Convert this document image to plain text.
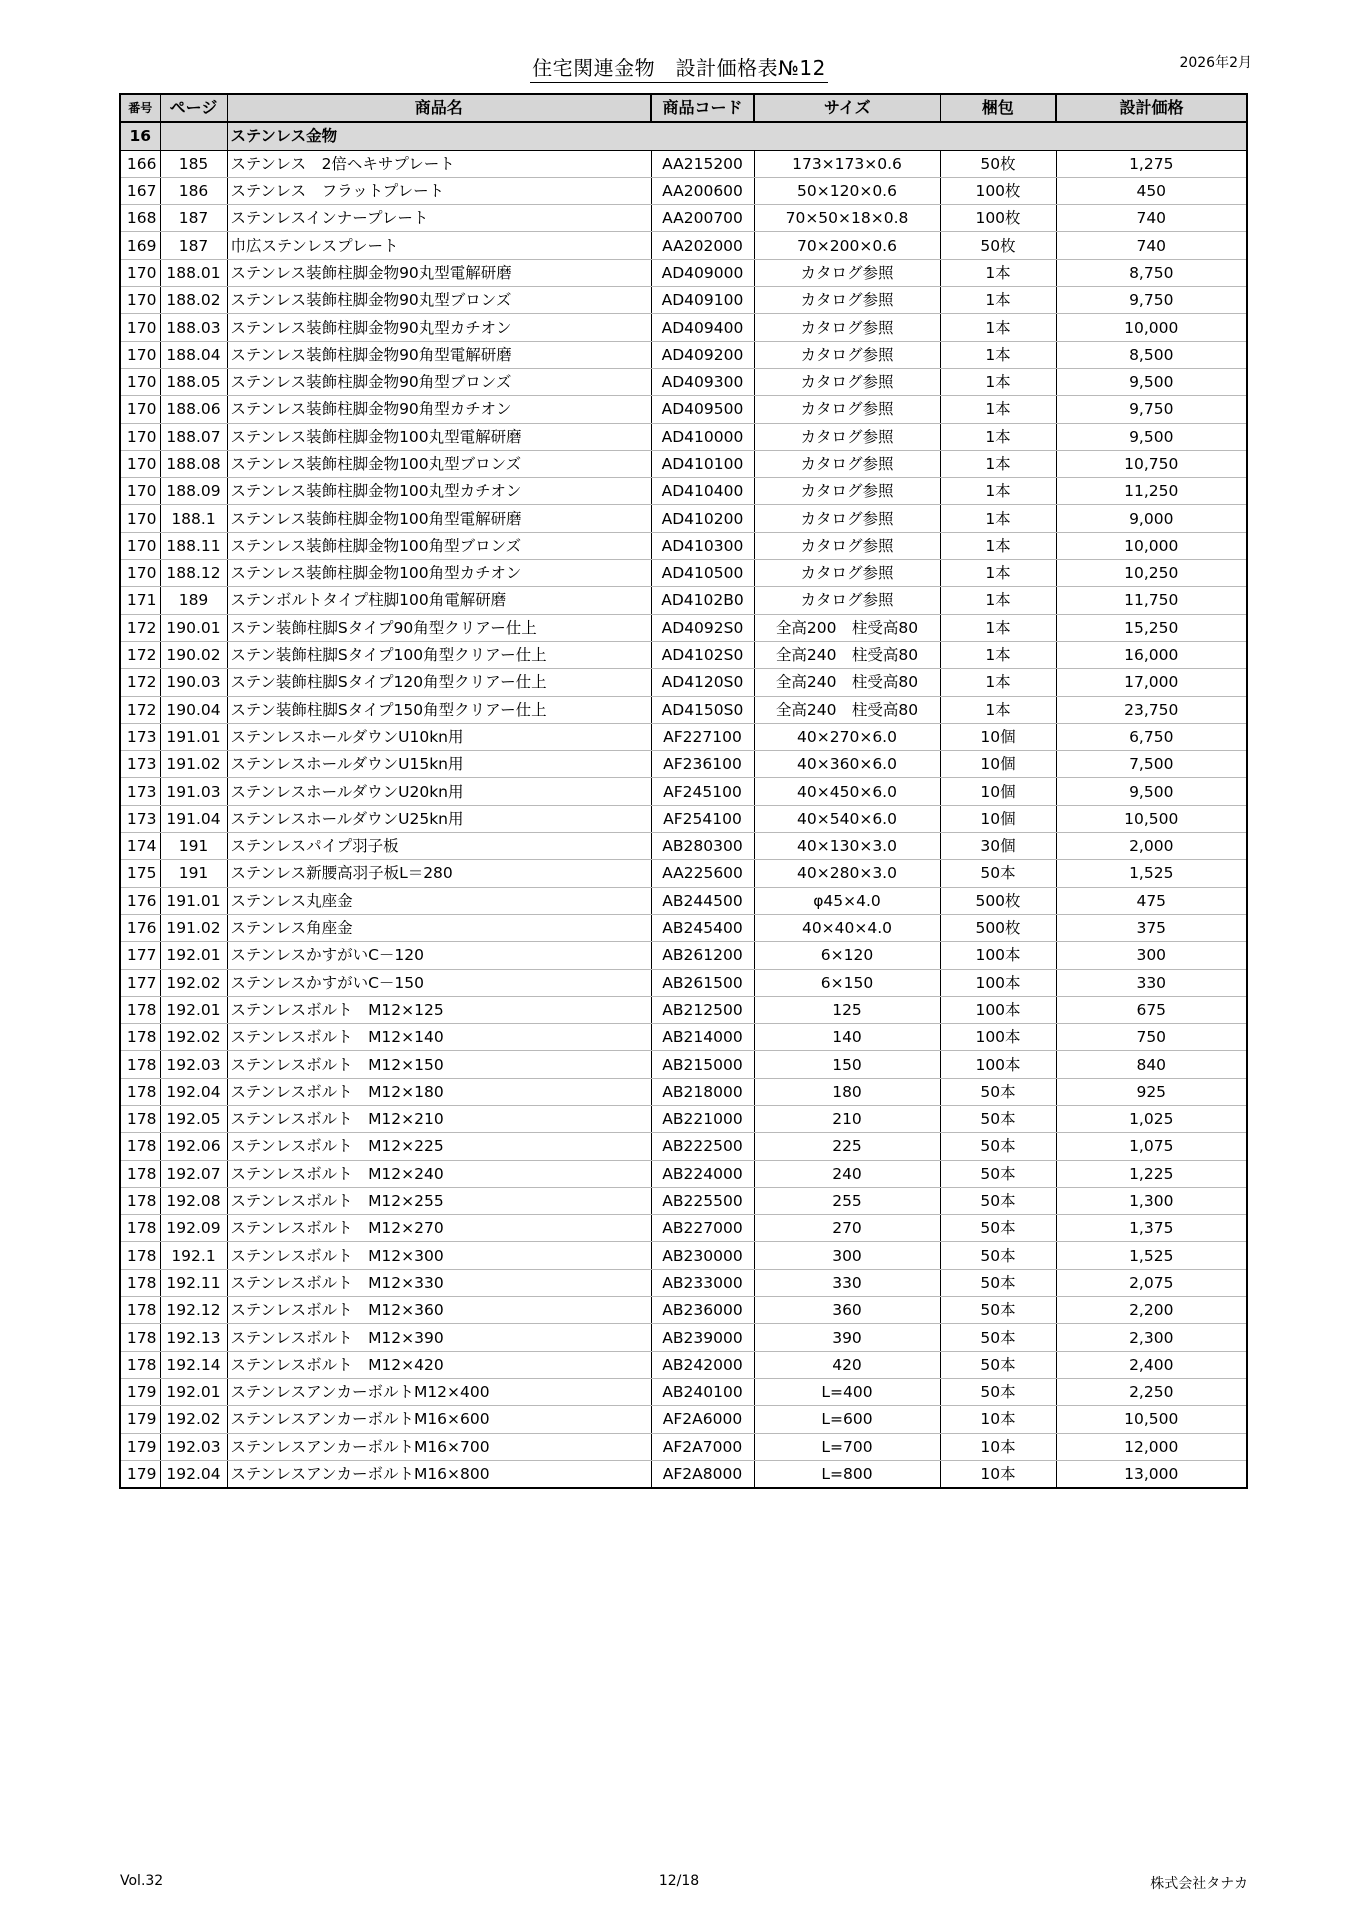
住宅関連金物　設計価格表№12	2026年2月
番号	ページ	商品名	商品コード	サイズ	梱包	設計価格
16		ステンレス金物				
166	185	ステンレス　2倍ヘキサプレート	AA215200	173×173×0.6	50枚	1,275
167	186	ステンレス　フラットプレート	AA200600	50×120×0.6	100枚	450
168	187	ステンレスインナープレート	AA200700	70×50×18×0.8	100枚	740
169	187	巾広ステンレスプレート	AA202000	70×200×0.6	50枚	740
170	188.01	ステンレス装飾柱脚金物90丸型電解研磨	AD409000	カタログ参照	1本	8,750
170	188.02	ステンレス装飾柱脚金物90丸型ブロンズ	AD409100	カタログ参照	1本	9,750
170	188.03	ステンレス装飾柱脚金物90丸型カチオン	AD409400	カタログ参照	1本	10,000
170	188.04	ステンレス装飾柱脚金物90角型電解研磨	AD409200	カタログ参照	1本	8,500
170	188.05	ステンレス装飾柱脚金物90角型ブロンズ	AD409300	カタログ参照	1本	9,500
170	188.06	ステンレス装飾柱脚金物90角型カチオン	AD409500	カタログ参照	1本	9,750
170	188.07	ステンレス装飾柱脚金物100丸型電解研磨	AD410000	カタログ参照	1本	9,500
170	188.08	ステンレス装飾柱脚金物100丸型ブロンズ	AD410100	カタログ参照	1本	10,750
170	188.09	ステンレス装飾柱脚金物100丸型カチオン	AD410400	カタログ参照	1本	11,250
170	188.1	ステンレス装飾柱脚金物100角型電解研磨	AD410200	カタログ参照	1本	9,000
170	188.11	ステンレス装飾柱脚金物100角型ブロンズ	AD410300	カタログ参照	1本	10,000
170	188.12	ステンレス装飾柱脚金物100角型カチオン	AD410500	カタログ参照	1本	10,250
171	189	ステンボルトタイプ柱脚100角電解研磨	AD4102B0	カタログ参照	1本	11,750
172	190.01	ステン装飾柱脚Sタイプ90角型クリアー仕上	AD4092S0	全高200　柱受高80	1本	15,250
172	190.02	ステン装飾柱脚Sタイプ100角型クリアー仕上	AD4102S0	全高240　柱受高80	1本	16,000
172	190.03	ステン装飾柱脚Sタイプ120角型クリアー仕上	AD4120S0	全高240　柱受高80	1本	17,000
172	190.04	ステン装飾柱脚Sタイプ150角型クリアー仕上	AD4150S0	全高240　柱受高80	1本	23,750
173	191.01	ステンレスホールダウンU10kn用	AF227100	40×270×6.0	10個	6,750
173	191.02	ステンレスホールダウンU15kn用	AF236100	40×360×6.0	10個	7,500
173	191.03	ステンレスホールダウンU20kn用	AF245100	40×450×6.0	10個	9,500
173	191.04	ステンレスホールダウンU25kn用	AF254100	40×540×6.0	10個	10,500
174	191	ステンレスパイプ羽子板	AB280300	40×130×3.0	30個	2,000
175	191	ステンレス新腰高羽子板L＝280	AA225600	40×280×3.0	50本	1,525
176	191.01	ステンレス丸座金	AB244500	φ45×4.0	500枚	475
176	191.02	ステンレス角座金	AB245400	40×40×4.0	500枚	375
177	192.01	ステンレスかすがいC－120	AB261200	6×120	100本	300
177	192.02	ステンレスかすがいC－150	AB261500	6×150	100本	330
178	192.01	ステンレスボルト　M12×125	AB212500	125	100本	675
178	192.02	ステンレスボルト　M12×140	AB214000	140	100本	750
178	192.03	ステンレスボルト　M12×150	AB215000	150	100本	840
178	192.04	ステンレスボルト　M12×180	AB218000	180	50本	925
178	192.05	ステンレスボルト　M12×210	AB221000	210	50本	1,025
178	192.06	ステンレスボルト　M12×225	AB222500	225	50本	1,075
178	192.07	ステンレスボルト　M12×240	AB224000	240	50本	1,225
178	192.08	ステンレスボルト　M12×255	AB225500	255	50本	1,300
178	192.09	ステンレスボルト　M12×270	AB227000	270	50本	1,375
178	192.1	ステンレスボルト　M12×300	AB230000	300	50本	1,525
178	192.11	ステンレスボルト　M12×330	AB233000	330	50本	2,075
178	192.12	ステンレスボルト　M12×360	AB236000	360	50本	2,200
178	192.13	ステンレスボルト　M12×390	AB239000	390	50本	2,300
178	192.14	ステンレスボルト　M12×420	AB242000	420	50本	2,400
179	192.01	ステンレスアンカーボルトM12×400	AB240100	L=400	50本	2,250
179	192.02	ステンレスアンカーボルトM16×600	AF2A6000	L=600	10本	10,500
179	192.03	ステンレスアンカーボルトM16×700	AF2A7000	L=700	10本	12,000
179	192.04	ステンレスアンカーボルトM16×800	AF2A8000	L=800	10本	13,000
Vol.32	12/18	株式会社タナカ
